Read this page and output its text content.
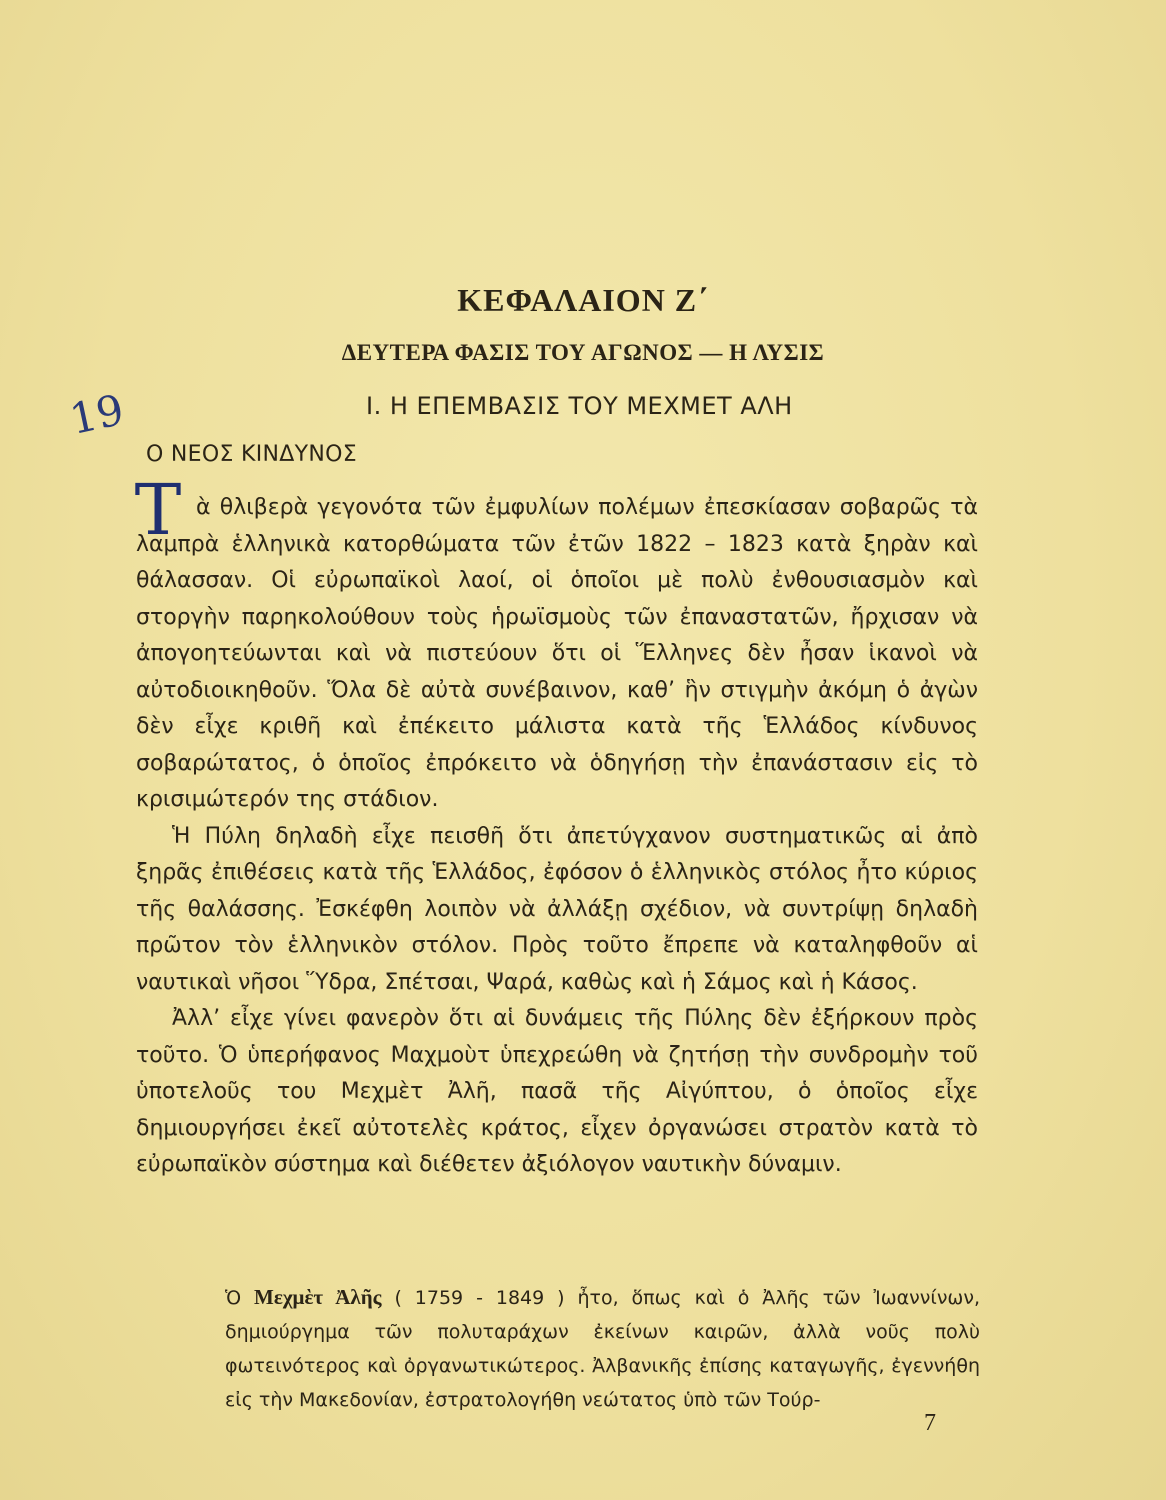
ΚΕΦΑΛΑΙΟΝ Ζ΄
ΔΕΥΤΕΡΑ ΦΑΣΙΣ ΤΟΥ ΑΓΩΝΟΣ — Η ΛΥΣΙΣ
Ι. Η ΕΠΕΜΒΑΣΙΣ ΤΟΥ ΜΕΧΜΕΤ ΑΛΗ
19
Ο ΝΕΟΣ ΚΙΝΔΥΝΟΣ
Τ ὰ θλιβερὰ γεγονότα τῶν ἐμφυλίων πολέμων ἐπεσκίασαν σοβαρῶς τὰ λαμπρὰ ἑλληνικὰ κατορθώματα τῶν ἐτῶν 1822 – 1823 κατὰ ξηρὰν καὶ θάλασσαν. Οἱ εὐρωπαϊκοὶ λαοί, οἱ ὁποῖοι μὲ πολὺ ἐνθουσιασμὸν καὶ στοργὴν παρηκολούθουν τοὺς ἡρωϊσμοὺς τῶν ἐπαναστατῶν, ἤρχισαν νὰ ἀπογοητεύωνται καὶ νὰ πιστεύουν ὅτι οἱ Ἕλληνες δὲν ἦσαν ἱκανοὶ νὰ αὐτοδιοικηθοῦν. Ὅλα δὲ αὐτὰ συνέβαινον, καθ’ ἣν στιγμὴν ἀκόμη ὁ ἀγὼν δὲν εἶχε κριθῆ καὶ ἐπέκειτο μάλιστα κατὰ τῆς Ἑλλάδος κίνδυνος σοβαρώτατος, ὁ ὁποῖος ἐπρόκειτο νὰ ὁδηγήσῃ τὴν ἐπανάστασιν εἰς τὸ κρισιμώτερόν της στάδιον.

Ἡ Πύλη δηλαδὴ εἶχε πεισθῆ ὅτι ἀπετύγχανον συστηματικῶς αἱ ἀπὸ ξηρᾶς ἐπιθέσεις κατὰ τῆς Ἑλλάδος, ἐφόσον ὁ ἑλληνικὸς στόλος ἦτο κύριος τῆς θαλάσσης. Ἐσκέφθη λοιπὸν νὰ ἀλλάξῃ σχέδιον, νὰ συντρίψῃ δηλαδὴ πρῶτον τὸν ἑλληνικὸν στόλον. Πρὸς τοῦτο ἔπρεπε νὰ καταληφθοῦν αἱ ναυτικαὶ νῆσοι Ὕδρα, Σπέτσαι, Ψαρά, καθὼς καὶ ἡ Σάμος καὶ ἡ Κάσος.

Ἀλλ’ εἶχε γίνει φανερὸν ὅτι αἱ δυνάμεις τῆς Πύλης δὲν ἐξήρκουν πρὸς τοῦτο. Ὁ ὑπερήφανος Μαχμοὺτ ὑπεχρεώθη νὰ ζητήσῃ τὴν συνδρομὴν τοῦ ὑποτελοῦς του Μεχμὲτ Ἀλῆ, πασᾶ τῆς Αἰγύπτου, ὁ ὁποῖος εἶχε δημιουργήσει ἐκεῖ αὐτοτελὲς κράτος, εἶχεν ὀργανώσει στρατὸν κατὰ τὸ εὐρωπαϊκὸν σύστημα καὶ διέθετεν ἀξιόλογον ναυτικὴν δύναμιν.

Ὁ Μεχμὲτ Ἀλῆς ( 1759 - 1849 ) ἦτο, ὅπως καὶ ὁ Ἀλῆς τῶν Ἰωαννίνων, δημιούργημα τῶν πολυταράχων ἐκείνων καιρῶν, ἀλλὰ νοῦς πολὺ φωτεινότερος καὶ ὀργανωτικώτερος. Ἀλβανικῆς ἐπίσης καταγωγῆς, ἐγεννήθη εἰς τὴν Μακεδονίαν, ἐστρατολογήθη νεώτατος ὑπὸ τῶν Τούρ-
7
